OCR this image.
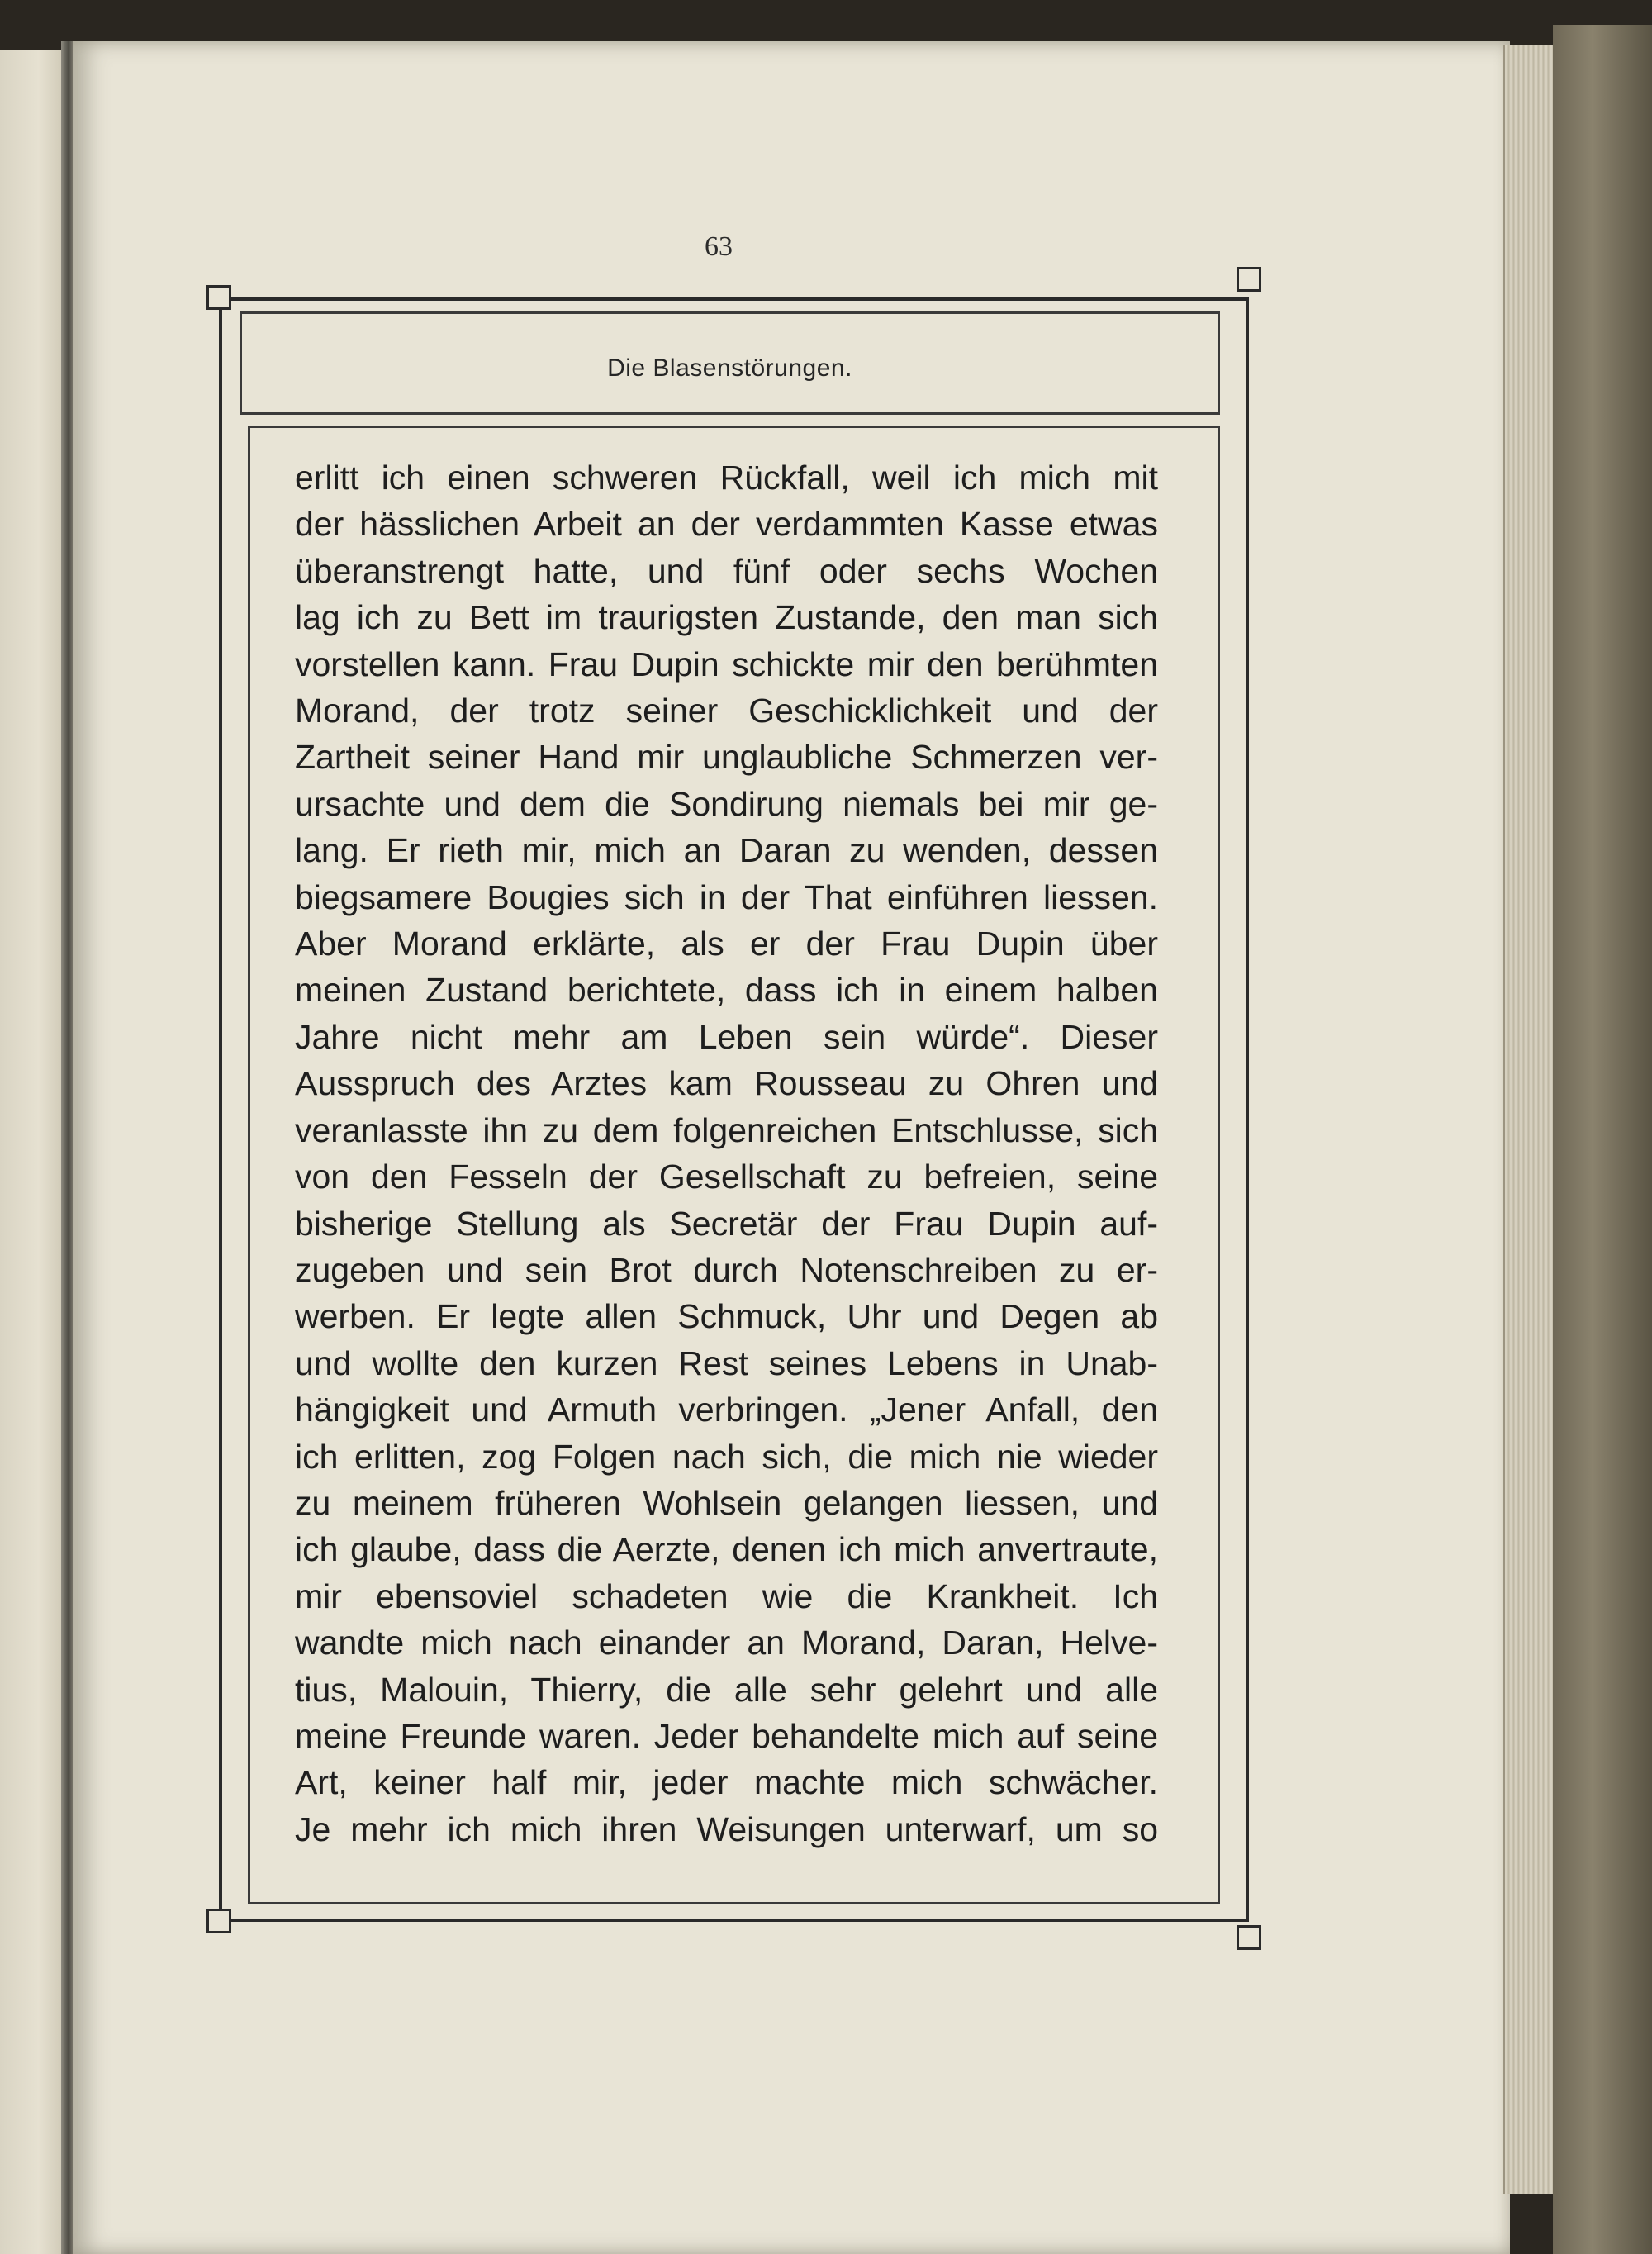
63
Die Blasenstörungen.
erlitt ich einen schweren Rückfall, weil ich mich mit
der hässlichen Arbeit an der verdammten Kasse etwas
überanstrengt hatte, und fünf oder sechs Wochen
lag ich zu Bett im traurigsten Zustande, den man sich
vorstellen kann. Frau Dupin schickte mir den berühmten
Morand, der trotz seiner Geschicklichkeit und der
Zartheit seiner Hand mir unglaubliche Schmerzen ver-
ursachte und dem die Sondirung niemals bei mir ge-
lang. Er rieth mir, mich an Daran zu wenden, dessen
biegsamere Bougies sich in der That einführen liessen.
Aber Morand erklärte, als er der Frau Dupin über
meinen Zustand berichtete, dass ich in einem halben
Jahre nicht mehr am Leben sein würde“. Dieser
Ausspruch des Arztes kam Rousseau zu Ohren und
veranlasste ihn zu dem folgenreichen Entschlusse, sich
von den Fesseln der Gesellschaft zu befreien, seine
bisherige Stellung als Secretär der Frau Dupin auf-
zugeben und sein Brot durch Notenschreiben zu er-
werben. Er legte allen Schmuck, Uhr und Degen ab
und wollte den kurzen Rest seines Lebens in Unab-
hängigkeit und Armuth verbringen. „Jener Anfall, den
ich erlitten, zog Folgen nach sich, die mich nie wieder
zu meinem früheren Wohlsein gelangen liessen, und
ich glaube, dass die Aerzte, denen ich mich anvertraute,
mir ebensoviel schadeten wie die Krankheit. Ich
wandte mich nach einander an Morand, Daran, Helve-
tius, Malouin, Thierry, die alle sehr gelehrt und alle
meine Freunde waren. Jeder behandelte mich auf seine
Art, keiner half mir, jeder machte mich schwächer.
Je mehr ich mich ihren Weisungen unterwarf, um so
